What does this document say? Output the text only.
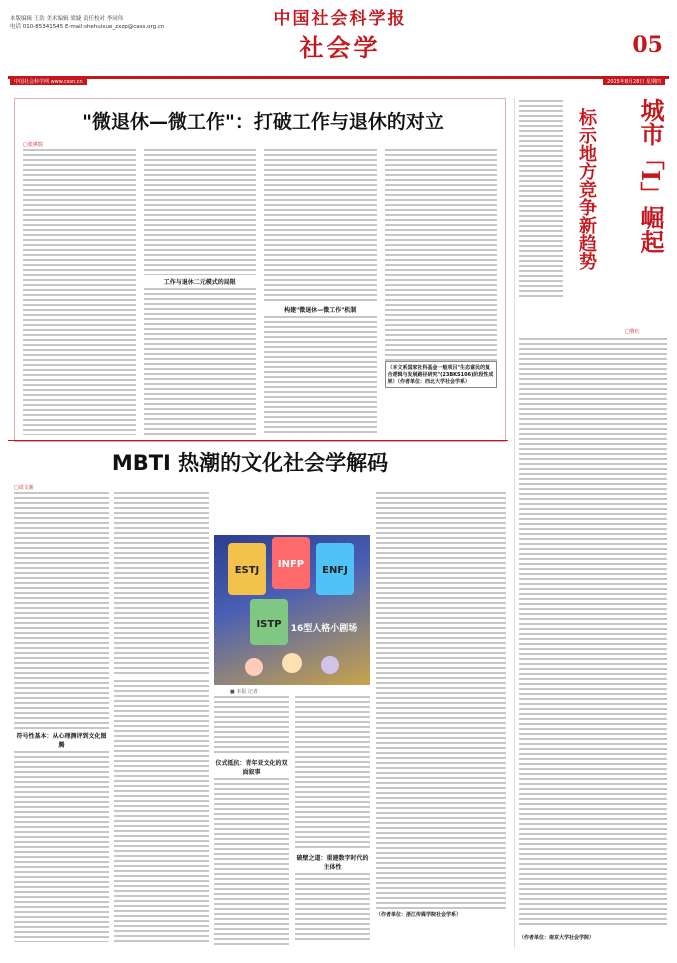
本版编辑 王浩 美术编辑 梁婕 责任校对 李同伟
电话 010-85341545 E-mail:shehuixue_zxzp@cass.org.cn	中国社会科学报
社会学	05
中国社会科学网 www.cssn.cn	2025年8月28日 星期四
"微退休—微工作"：打破工作与退休的对立
□张祺瑞
工作与退休二元模式的局限
构建"微退休—微工作"机制
（本文系国家社科基金一般项目"生态富民的复合逻辑与发展路径研究"(23BKS106)阶段性成果）（作者单位：西北大学社会学系）
城市「I」崛起
标示地方竞争新趋势
□曹红
（作者单位：南京大学社会学院）
MBTI 热潮的文化社会学解码
□周文新
符号性基本：从心理测评到文化图腾
ESTJ
INFP
ENFJ
ISTP 16型人格小剧场
■ 本报 记者
仪式抵抗：青年亚文化的双面叙事
破壁之道：重建数字时代的主体性
（作者单位：浙江传媒学院社会学系）
